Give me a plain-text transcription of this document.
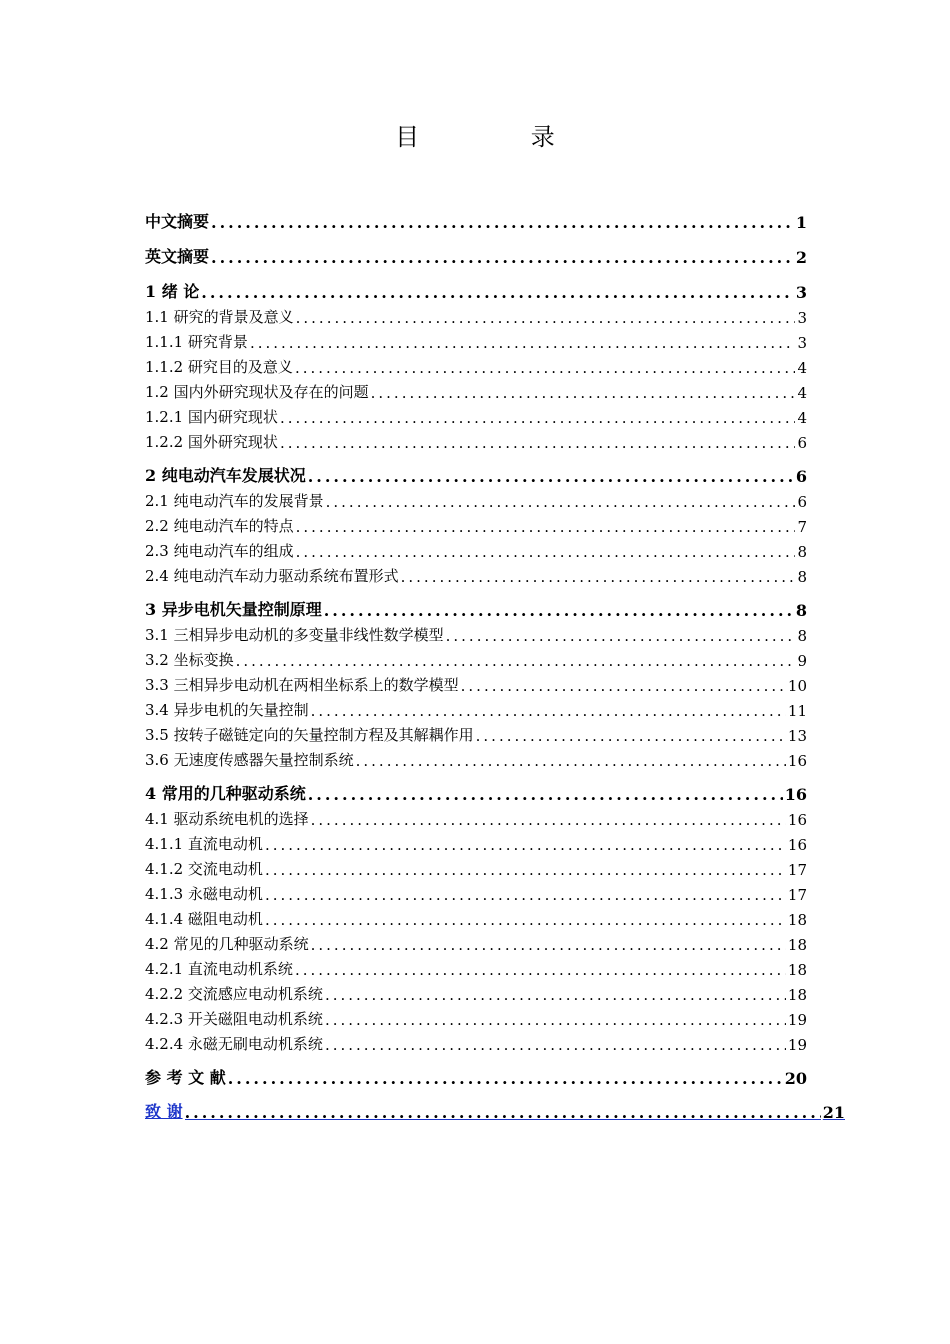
目 录
中文摘要 .....	1
英文摘要 .....	2
1 绪 论 .....	3
1.1 研究的背景及意义 .....	3
1.1.1 研究背景 .....	3
1.1.2 研究目的及意义 .....	4
1.2 国内外研究现状及存在的问题 .....	4
1.2.1 国内研究现状 .....	4
1.2.2 国外研究现状 .....	6
2 纯电动汽车发展状况 .....	6
2.1 纯电动汽车的发展背景 .....	6
2.2 纯电动汽车的特点 .....	7
2.3 纯电动汽车的组成 .....	8
2.4 纯电动汽车动力驱动系统布置形式 .....	8
3 异步电机矢量控制原理 .....	8
3.1 三相异步电动机的多变量非线性数学模型 .....	8
3.2 坐标变换 .....	9
3.3 三相异步电动机在两相坐标系上的数学模型 .....	10
3.4 异步电机的矢量控制 .....	11
3.5 按转子磁链定向的矢量控制方程及其解耦作用 .....	13
3.6 无速度传感器矢量控制系统 .....	16
4 常用的几种驱动系统 .....	16
4.1 驱动系统电机的选择 .....	16
4.1.1 直流电动机 .....	16
4.1.2 交流电动机 .....	17
4.1.3 永磁电动机 .....	17
4.1.4 磁阻电动机 .....	18
4.2 常见的几种驱动系统 .....	18
4.2.1 直流电动机系统 .....	18
4.2.2 交流感应电动机系统 .....	18
4.2.3 开关磁阻电动机系统 .....	19
4.2.4 永磁无刷电动机系统 .....	19
参 考 文 献 .....	20
致 谢 .....	21
